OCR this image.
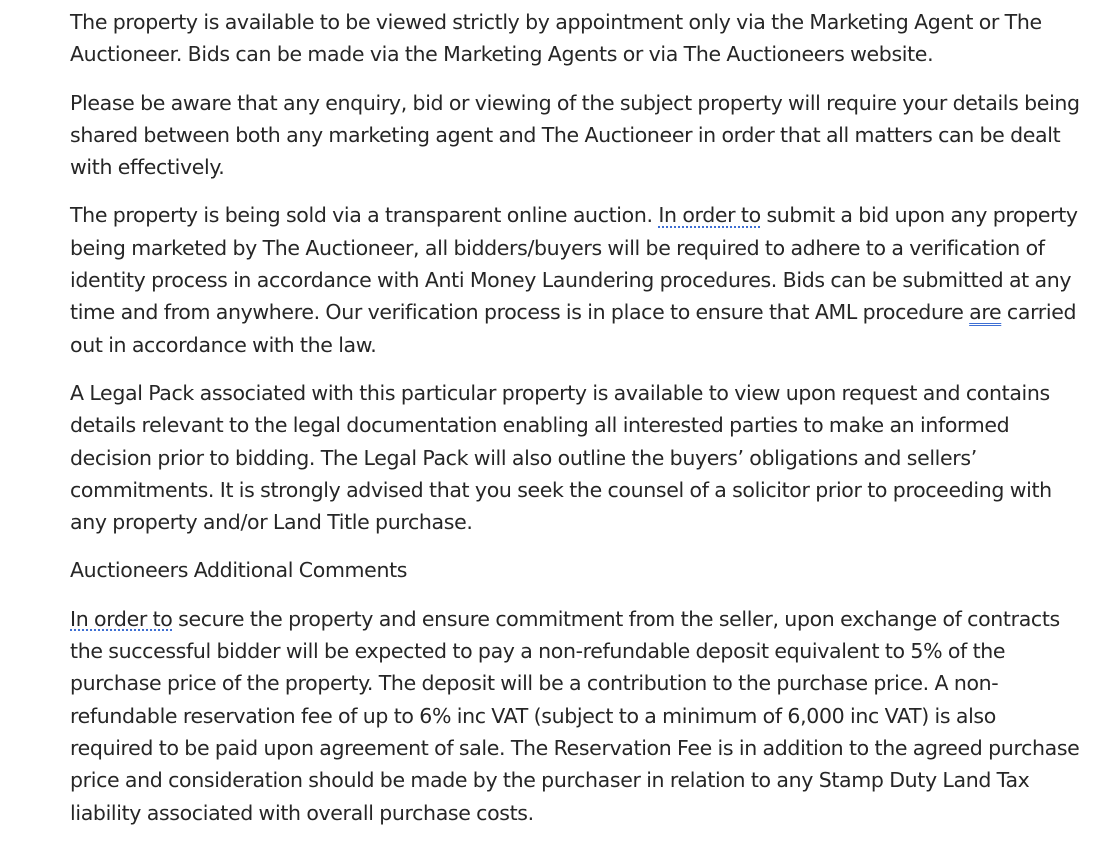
The property is available to be viewed strictly by appointment only via the Marketing Agent or The Auctioneer. Bids can be made via the Marketing Agents or via The Auctioneers website.

Please be aware that any enquiry, bid or viewing of the subject property will require your details being shared between both any marketing agent and The Auctioneer in order that all matters can be dealt with effectively.

The property is being sold via a transparent online auction. In order to submit a bid upon any property being marketed by The Auctioneer, all bidders/buyers will be required to adhere to a verification of identity process in accordance with Anti Money Laundering procedures. Bids can be submitted at any time and from anywhere. Our verification process is in place to ensure that AML procedure are carried out in accordance with the law.

A Legal Pack associated with this particular property is available to view upon request and contains details relevant to the legal documentation enabling all interested parties to make an informed decision prior to bidding. The Legal Pack will also outline the buyers’ obligations and sellers’ commitments. It is strongly advised that you seek the counsel of a solicitor prior to proceeding with any property and/or Land Title purchase.

Auctioneers Additional Comments

In order to secure the property and ensure commitment from the seller, upon exchange of contracts the successful bidder will be expected to pay a non-refundable deposit equivalent to 5% of the purchase price of the property. The deposit will be a contribution to the purchase price. A non-refundable reservation fee of up to 6% inc VAT (subject to a minimum of 6,000 inc VAT) is also required to be paid upon agreement of sale. The Reservation Fee is in addition to the agreed purchase price and consideration should be made by the purchaser in relation to any Stamp Duty Land Tax liability associated with overall purchase costs.
